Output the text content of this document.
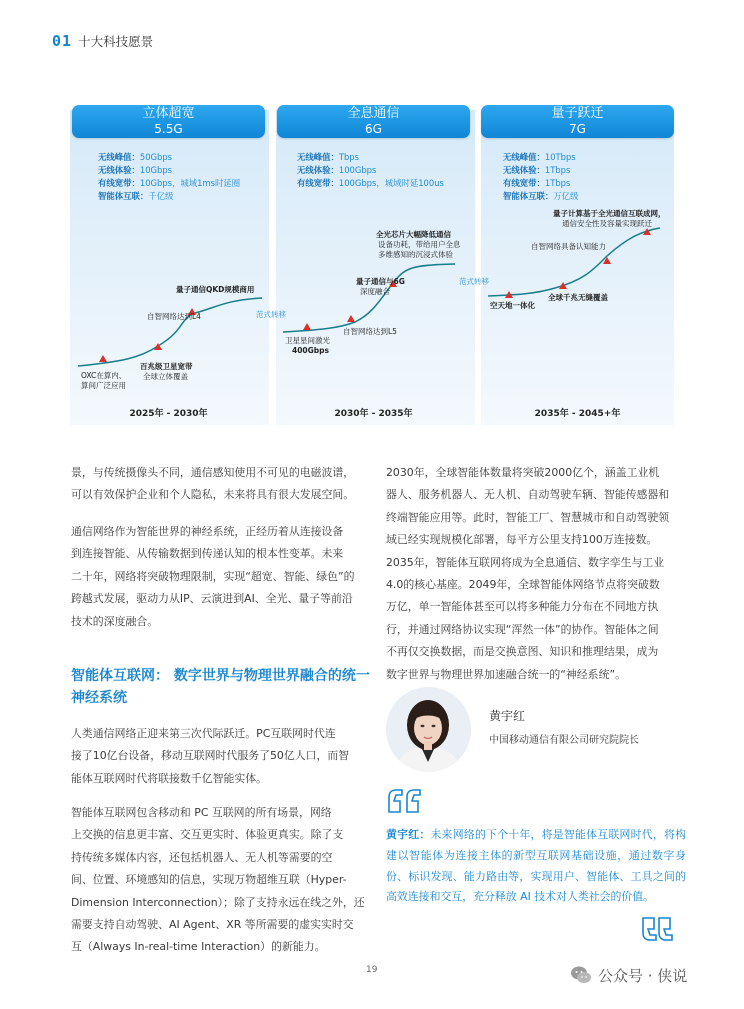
01 十大科技愿景
立体超宽
5.5G
全息通信
6G
量子跃迁
7G
无线峰值：50Gbps
无线体验：10Gbps
有线宽带：10Gbps，城域1ms时延圈
智能体互联：千亿级
无线峰值：Tbps
无线体验：100Gbps
有线宽带：100Gbps，城域时延100us
无线峰值：10Tbps
无线体验：1Tbps
有线宽带：1Tbps
智能体互联：万亿级
OXC在算内、
算间广泛应用
百兆级卫星宽带
全球立体覆盖
自智网络达到L4
量子通信QKD规模商用
卫星星间激光
400Gbps
自智网络达到L5
量子通信与6G
深度融合
全光芯片大幅降低通信
设备功耗，带给用户全息
多维感知的沉浸式体验
空天地一体化
全球千兆无缝覆盖
自智网络具备认知能力
量子计算基于全光通信互联成网，
通信安全性及容量实现跃迁
范式转移
范式转移
2025年 - 2030年	2030年 - 2035年	2035年 - 2045+年
景，与传统摄像头不同，通信感知使用不可见的电磁波谱，
可以有效保护企业和个人隐私，未来将具有很大发展空间。
通信网络作为智能世界的神经系统，正经历着从连接设备
到连接智能、从传输数据到传递认知的根本性变革。未来
二十年，网络将突破物理限制，实现“超宽、智能、绿色”的
跨越式发展，驱动力从IP、云演进到AI、全光、量子等前沿
技术的深度融合。
智能体互联网： 数字世界与物理世界融合的统一神经系统
人类通信网络正迎来第三次代际跃迁。PC互联网时代连
接了10亿台设备，移动互联网时代服务了50亿人口，而智
能体互联网时代将联接数千亿智能实体。
智能体互联网包含移动和 PC 互联网的所有场景，网络
上交换的信息更丰富、交互更实时、体验更真实。除了支
持传统多媒体内容，还包括机器人、无人机等需要的空
间、位置、环境感知的信息，实现万物超维互联（Hyper-
Dimension Interconnection）；除了支持永远在线之外，还
需要支持自动驾驶、AI Agent、XR 等所需要的虚实实时交
互（Always In-real-time Interaction）的新能力。
2030年，全球智能体数量将突破2000亿个，涵盖工业机
器人、服务机器人、无人机、自动驾驶车辆、智能传感器和
终端智能应用等。此时，智能工厂、智慧城市和自动驾驶领
域已经实现规模化部署，每平方公里支持100万连接数。
2035年，智能体互联网将成为全息通信、数字孪生与工业
4.0的核心基座。2049年，全球智能体网络节点将突破数
万亿，单一智能体甚至可以将多种能力分布在不同地方执
行，并通过网络协议实现“浑然一体”的协作。智能体之间
不再仅交换数据，而是交换意图、知识和推理结果，成为
数字世界与物理世界加速融合统一的“神经系统”。
黄宇红
中国移动通信有限公司研究院院长
黄宇红：未来网络的下个十年，将是智能体互联网时代，将构建以智能体为连接主体的新型互联网基础设施，通过数字身份、标识发现、能力路由等，实现用户、智能体、工具之间的高效连接和交互，充分释放 AI 技术对人类社会的价值。
19	公众号 · 侠说
